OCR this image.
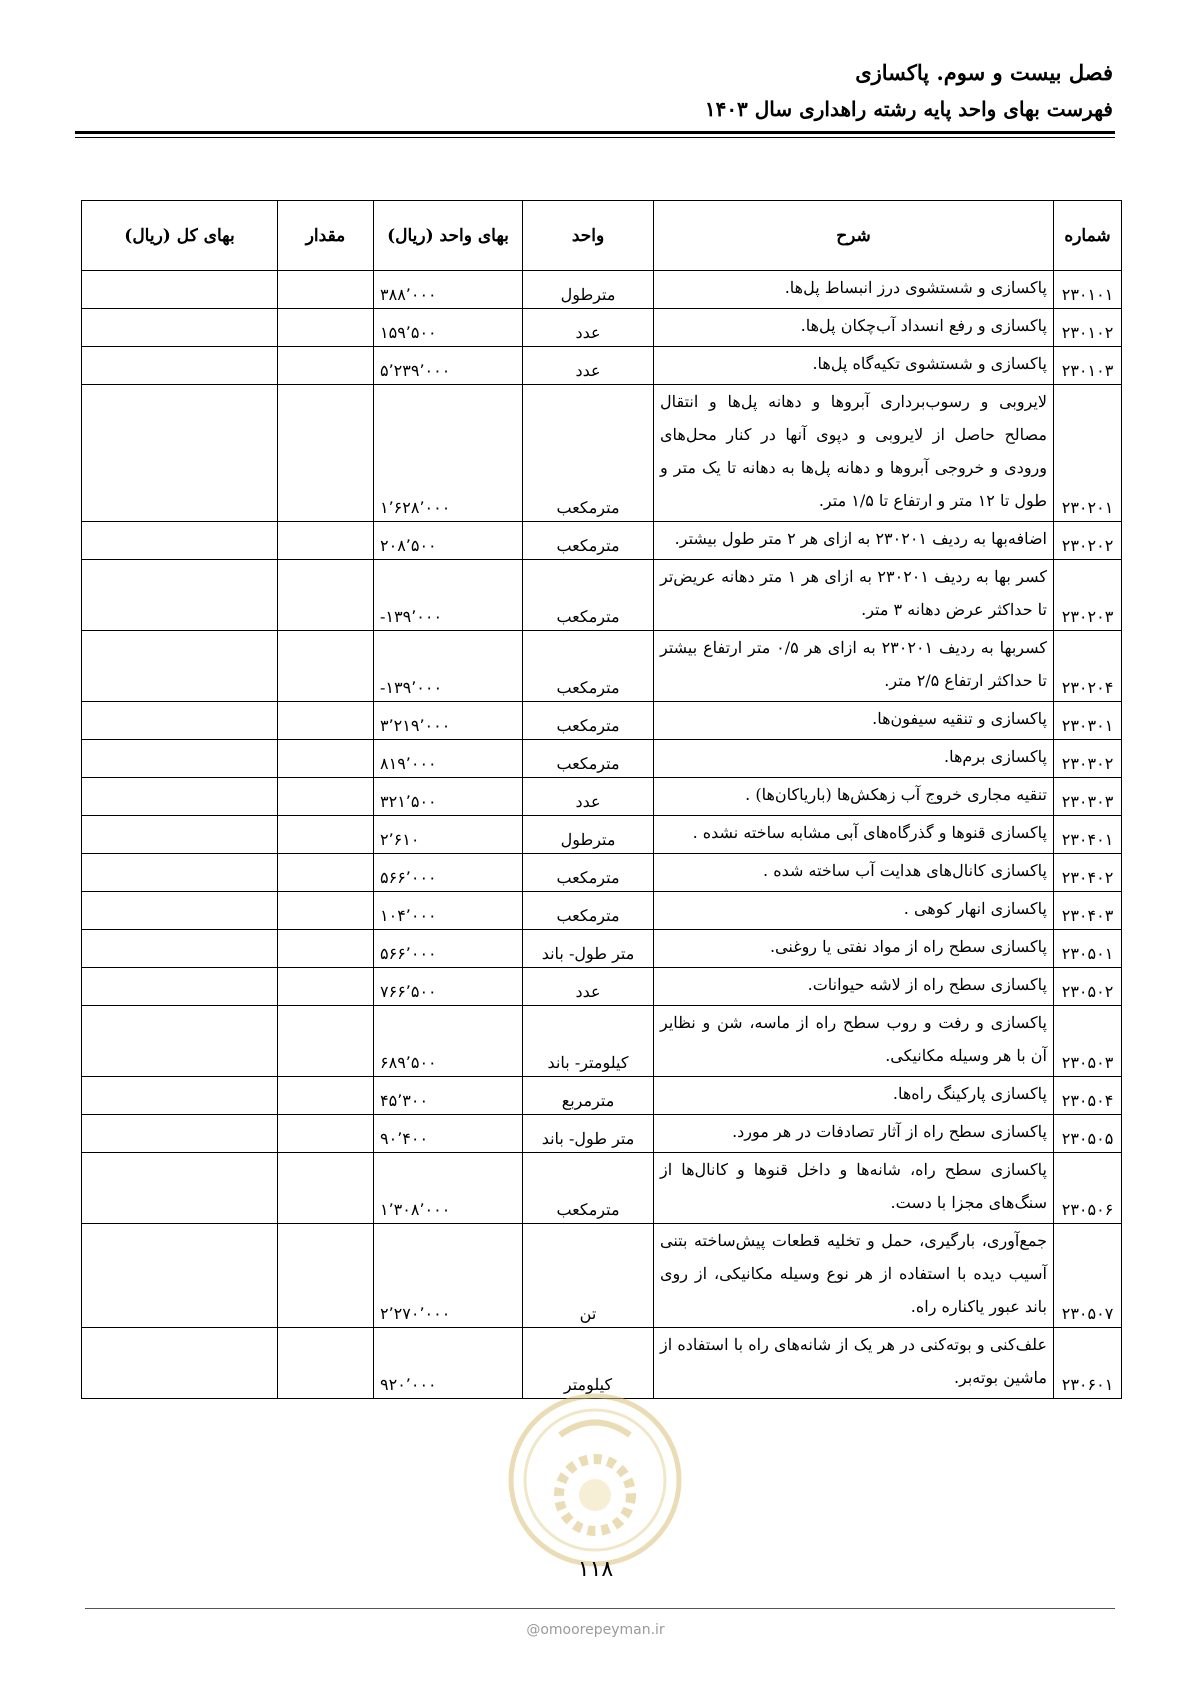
فصل بیست و سوم. پاکسازی
فهرست بهای واحد پایه رشته راهداری سال ۱۴۰۳
شماره	شرح	واحد	بهای واحد (ریال)	مقدار	بهای کل (ریال)
۲۳۰۱۰۱	پاکسازی و شستشوی درز انبساط پل‌ها.	مترطول	۳۸۸٬۰۰۰		
۲۳۰۱۰۲	پاکسازی و رفع انسداد آب‌چکان پل‌ها.	عدد	۱۵۹٬۵۰۰		
۲۳۰۱۰۳	پاکسازی و شستشوی تکیه‌گاه پل‌ها.	عدد	۵٬۲۳۹٬۰۰۰		
۲۳۰۲۰۱	لایروبی و رسوب‌برداری آبروها و دهانه پل‌ها و انتقال مصالح حاصل از لایروبی و دپوی آنها در کنار محل‌های ورودی و خروجی آبروها و دهانه پل‌ها به دهانه تا یک متر و طول تا ۱۲ متر و ارتفاع تا ۱/۵ متر.	مترمکعب	۱٬۶۲۸٬۰۰۰		
۲۳۰۲۰۲	اضافه‌بها به ردیف ۲۳۰۲۰۱ به ازای هر ۲ متر طول بیشتر.	مترمکعب	۲۰۸٬۵۰۰		
۲۳۰۲۰۳	کسر بها به ردیف ۲۳۰۲۰۱ به ازای هر ۱ متر دهانه عریض‌تر تا حداکثر عرض دهانه ۳ متر.	مترمکعب	-۱۳۹٬۰۰۰		
۲۳۰۲۰۴	کسربها به ردیف ۲۳۰۲۰۱ به ازای هر ۰/۵ متر ارتفاع بیشتر تا حداکثر ارتفاع ۲/۵ متر.	مترمکعب	-۱۳۹٬۰۰۰		
۲۳۰۳۰۱	پاکسازی و تنقیه سیفون‌ها.	مترمکعب	۳٬۲۱۹٬۰۰۰		
۲۳۰۳۰۲	پاکسازی برم‌ها.	مترمکعب	۸۱۹٬۰۰۰		
۲۳۰۳۰۳	تنقیه مجاری خروج آب زهکش‌ها (باریاکان‌ها) .	عدد	۳۲۱٬۵۰۰		
۲۳۰۴۰۱	پاکسازی قنوها و گذرگاه‌های آبی مشابه ساخته نشده .	مترطول	۲٬۶۱۰		
۲۳۰۴۰۲	پاکسازی کانال‌های هدایت آب ساخته شده .	مترمکعب	۵۶۶٬۰۰۰		
۲۳۰۴۰۳	پاکسازی انهار کوهی .	مترمکعب	۱۰۴٬۰۰۰		
۲۳۰۵۰۱	پاکسازی سطح راه از مواد نفتی یا روغنی.	متر طول- باند	۵۶۶٬۰۰۰		
۲۳۰۵۰۲	پاکسازی سطح راه از لاشه حیوانات.	عدد	۷۶۶٬۵۰۰		
۲۳۰۵۰۳	پاکسازی و رفت و روب سطح راه از ماسه، شن و نظایر آن با هر وسیله مکانیکی.	کیلومتر- باند	۶۸۹٬۵۰۰		
۲۳۰۵۰۴	پاکسازی پارکینگ راه‌ها.	مترمربع	۴۵٬۳۰۰		
۲۳۰۵۰۵	پاکسازی سطح راه از آثار تصادفات در هر مورد.	متر طول- باند	۹۰٬۴۰۰		
۲۳۰۵۰۶	پاکسازی سطح راه، شانه‌ها و داخل قنوها و کانال‌ها از سنگ‌های مجزا با دست.	مترمکعب	۱٬۳۰۸٬۰۰۰		
۲۳۰۵۰۷	جمع‌آوری، بارگیری، حمل و تخلیه قطعات پیش‌ساخته بتنی آسیب دیده با استفاده از هر نوع وسیله مکانیکی، از روی باند عبور یاکناره راه.	تن	۲٬۲۷۰٬۰۰۰		
۲۳۰۶۰۱	علف‌کنی و بوته‌کنی در هر یک از شانه‌های راه با استفاده از ماشین بوته‌بر.	کیلومتر	۹۲۰٬۰۰۰		
۱۱۸
@omoorepeyman.ir
